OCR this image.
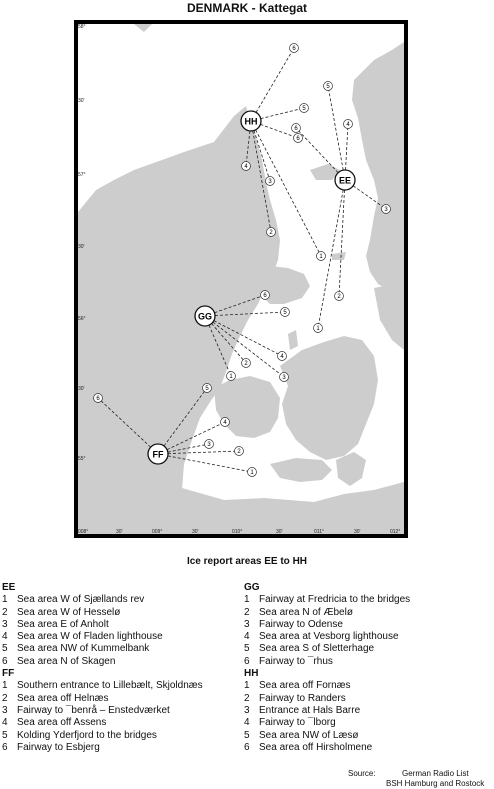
DENMARK - Kattegat
58°
30'
57°
30'
56°
30'
55°
008°	30'	009°	30'	010°	30'	011°	30'	012°
6
5
6
4
3
2
1
5
4
3
2
1
6
5
4
3
2
1
6
5
4
3
2
1
6
HH
EE
GG
FF
Ice report areas EE to HH
EE
1 Sea area W of Sjællands rev
2 Sea area W of Hesselø
3 Sea area E of Anholt
4 Sea area W of Fladen lighthouse
5 Sea area NW of Kummelbank
6 Sea area N of Skagen
FF
1 Southern entrance to Lillebælt, Skjoldnæs
2 Sea area off Helnæs
3 Fairway to ¯benrå – Enstedværket
4 Sea area off Assens
5 Kolding Yderfjord to the bridges
6 Fairway to Esbjerg
GG
1 Fairway at Fredricia to the bridges
2 Sea area N of Æbelø
3 Fairway to Odense
4 Sea area at Vesborg lighthouse
5 Sea area S of Sletterhage
6 Fairway to ¯rhus
HH
1 Sea area off Fornæs
2 Fairway to Randers
3 Entrance at Hals Barre
4 Fairway to ¯lborg
5 Sea area NW of Læsø
6 Sea area off Hirsholmene
Source:	German Radio List
BSH Hamburg and Rostock
